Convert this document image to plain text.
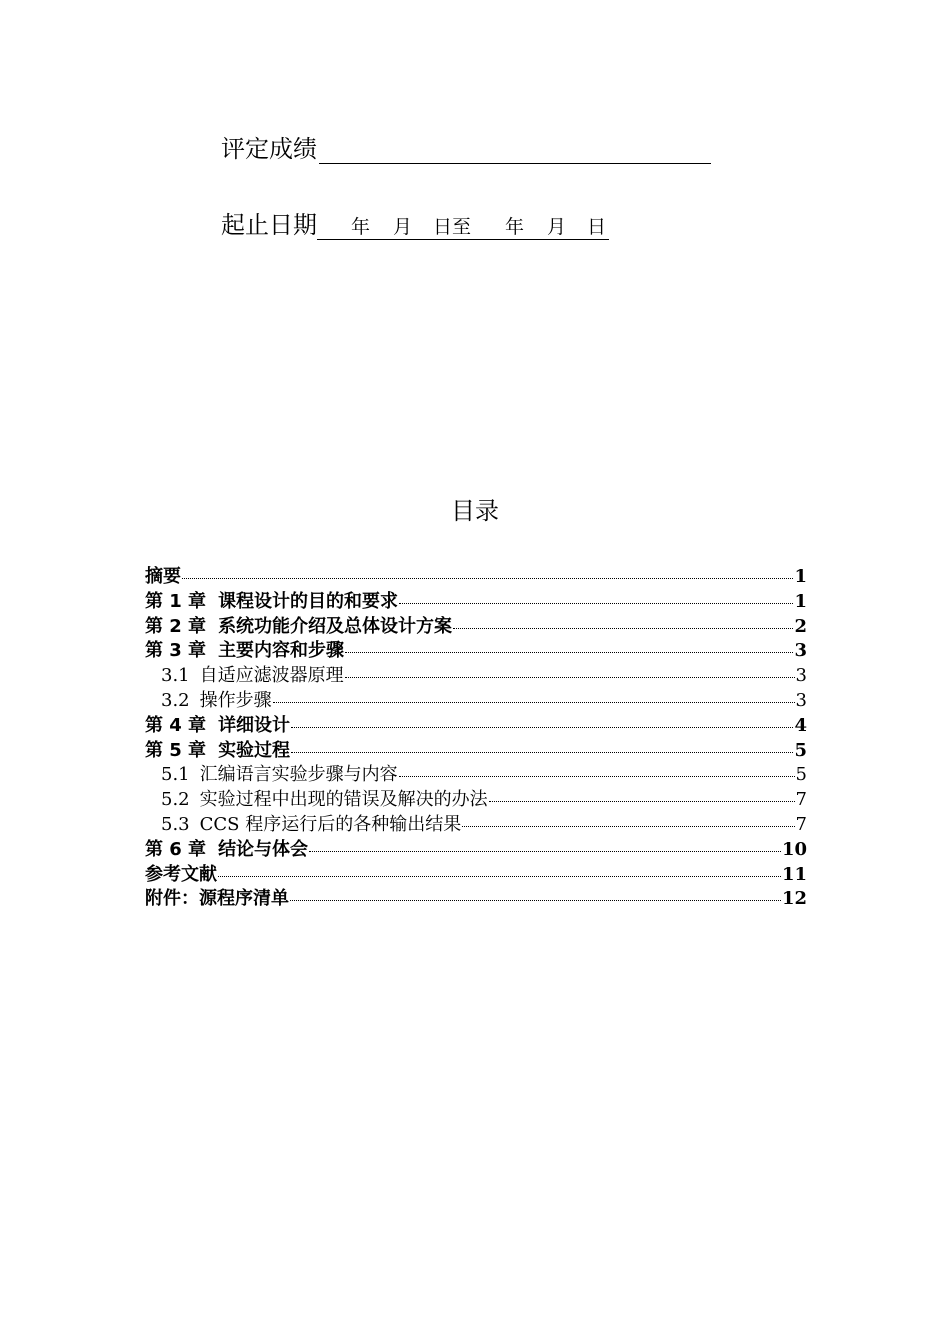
评定成绩
起止日期 年 月 日至 年 月 日
目录
摘要	1
第 1 章 课程设计的目的和要求	1
第 2 章 系统功能介绍及总体设计方案	2
第 3 章 主要内容和步骤	3
3.1 自适应滤波器原理	3
3.2 操作步骤	3
第 4 章 详细设计	4
第 5 章 实验过程	5
5.1 汇编语言实验步骤与内容	5
5.2 实验过程中出现的错误及解决的办法	7
5.3 CCS 程序运行后的各种输出结果	7
第 6 章 结论与体会	10
参考文献	11
附件：源程序清单	12
